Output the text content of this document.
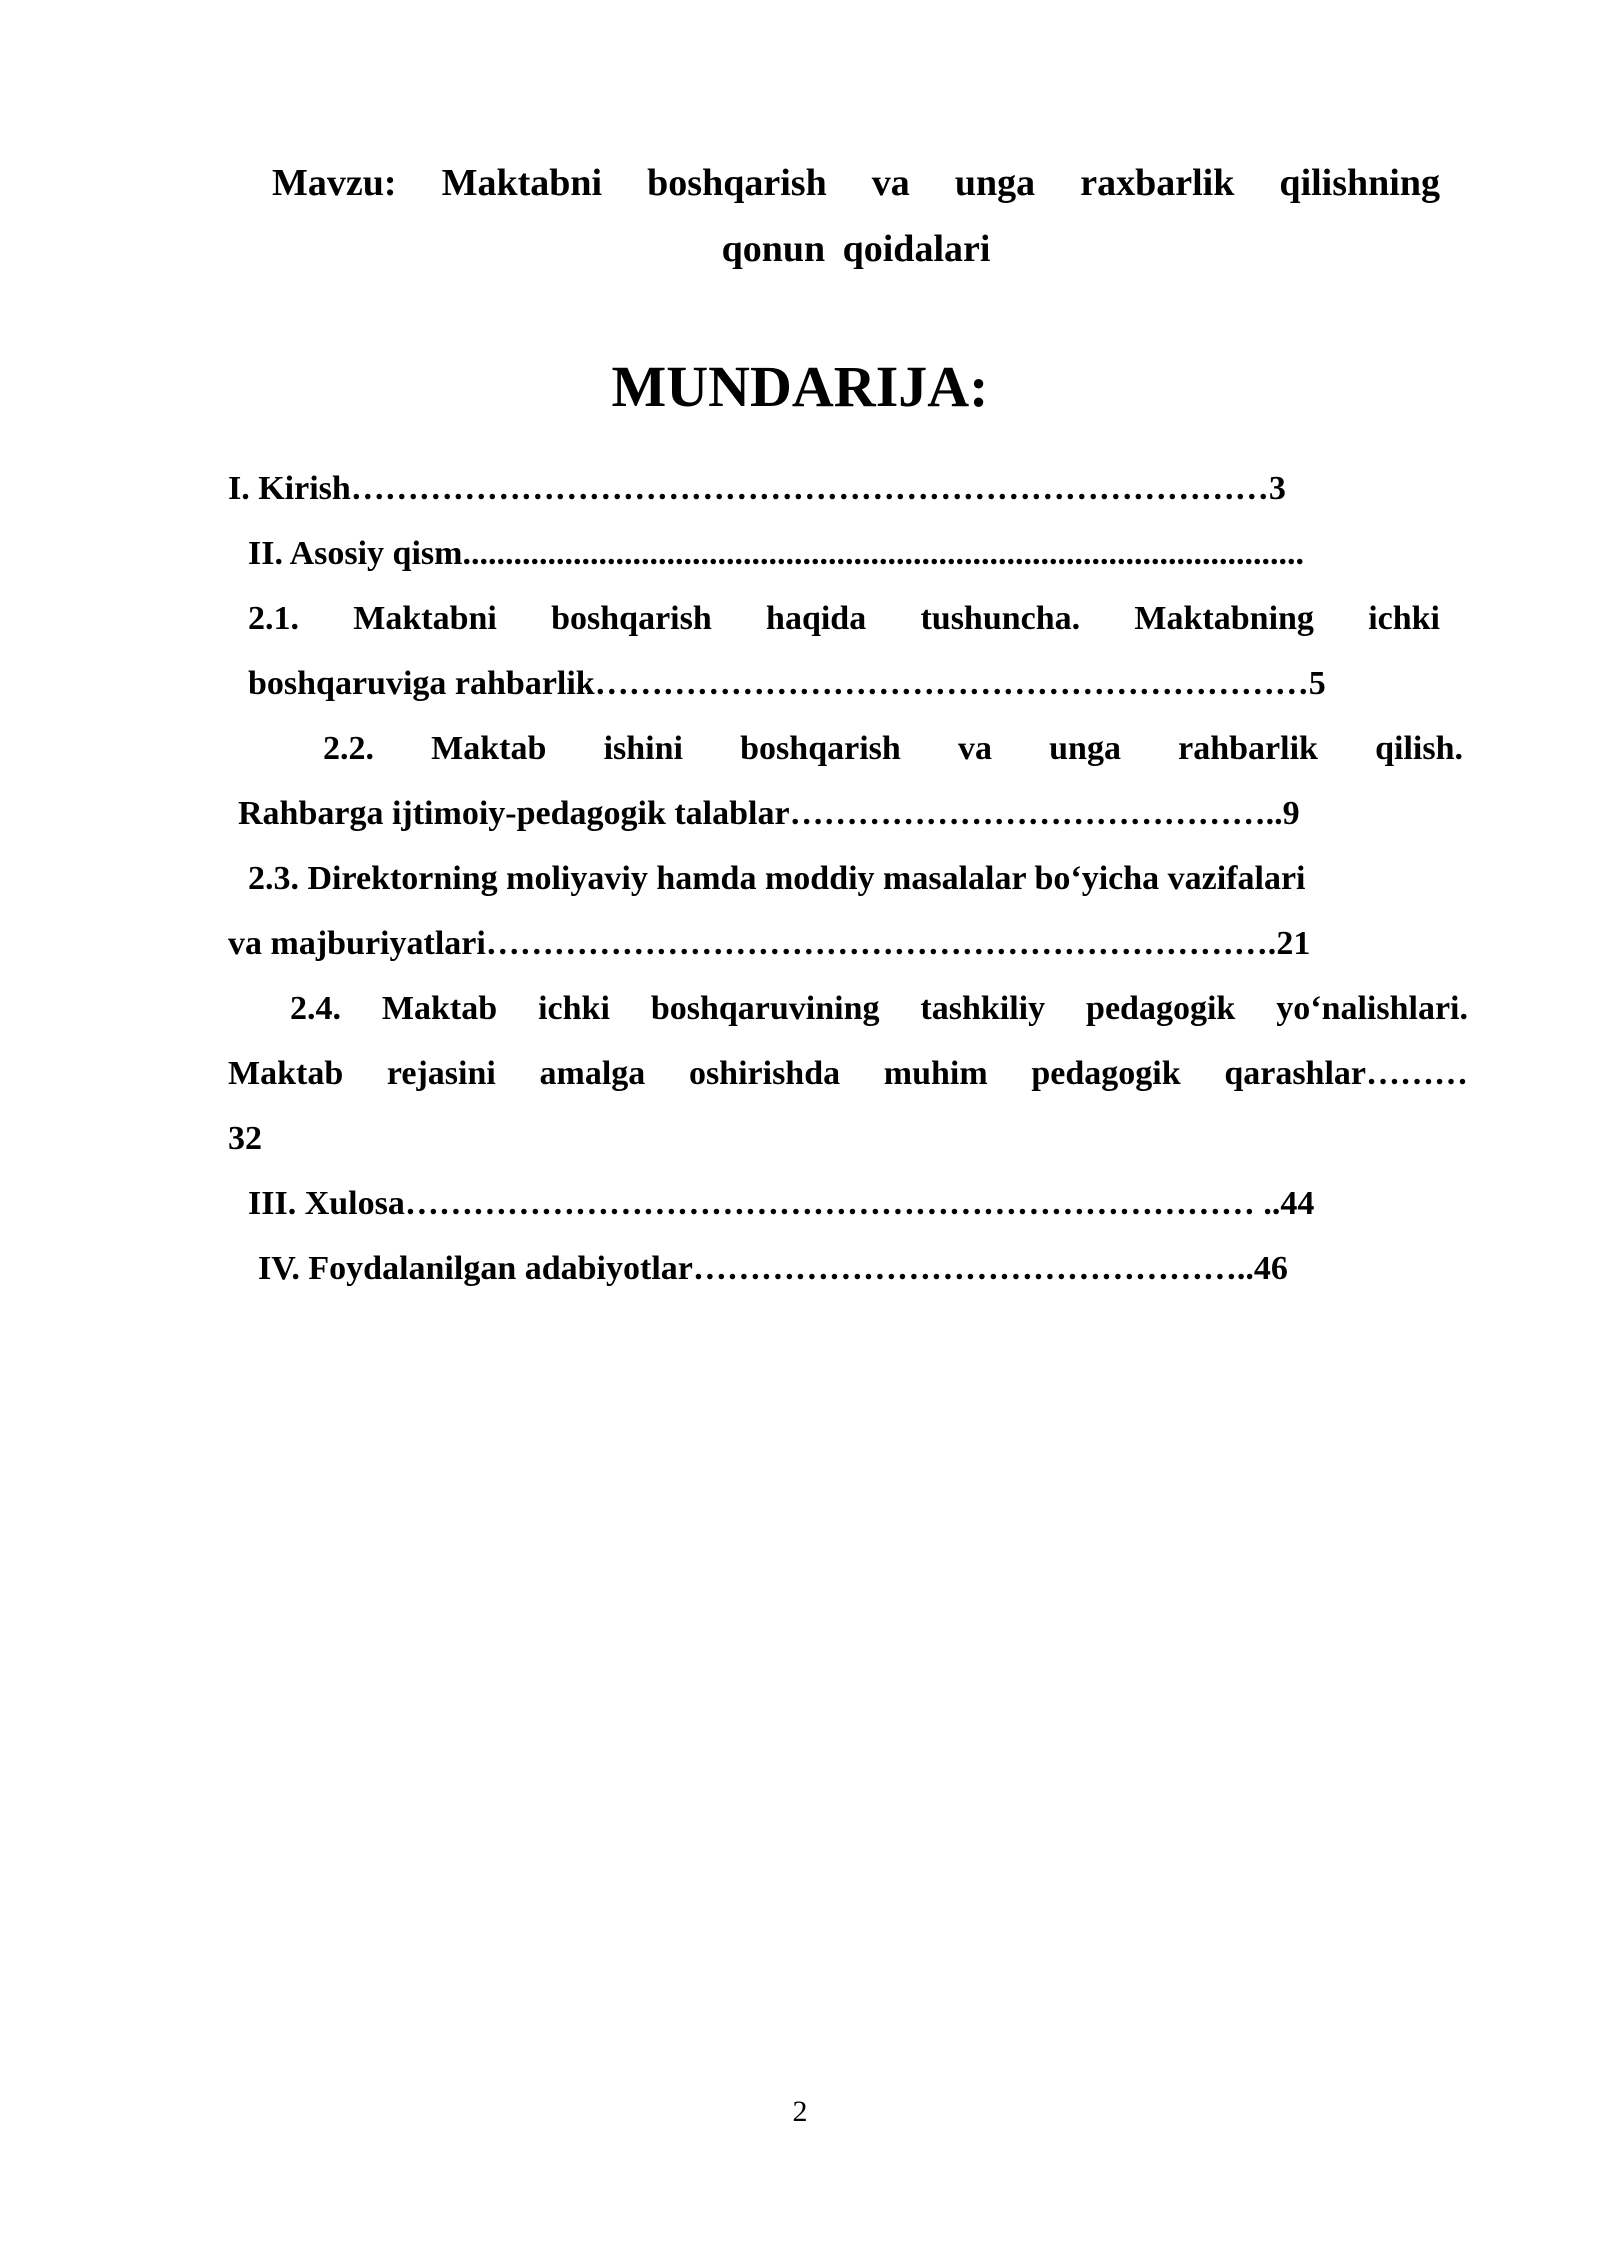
Mavzu: Maktabni boshqarish va unga raxbarlik qilishning
qonun qoidalari
MUNDARIJA:
I. Kirish………………………………………………………………………3
II. Asosiy qism...................................................................................................
2.1. Maktabni boshqarish haqida tushuncha. Maktabning ichki
boshqaruviga rahbarlik………………………………………………………5
2.2. Maktab ishini boshqarish va unga rahbarlik qilish.
Rahbarga ijtimoiy-pedagogik talablar……………………………………..9
2.3. Direktorning moliyaviy hamda moddiy masalalar bo‘yicha vazifalari
va majburiyatlari…………………………………………………………….21
2.4. Maktab ichki boshqaruvining tashkiliy pedagogik yo‘nalishlari.
Maktab rejasini amalga oshirishda muhim pedagogik qarashlar………
32
III. Xulosa………………………………………………………………… ..44
IV. Foydalanilgan adabiyotlar…………………………………………..46
2
